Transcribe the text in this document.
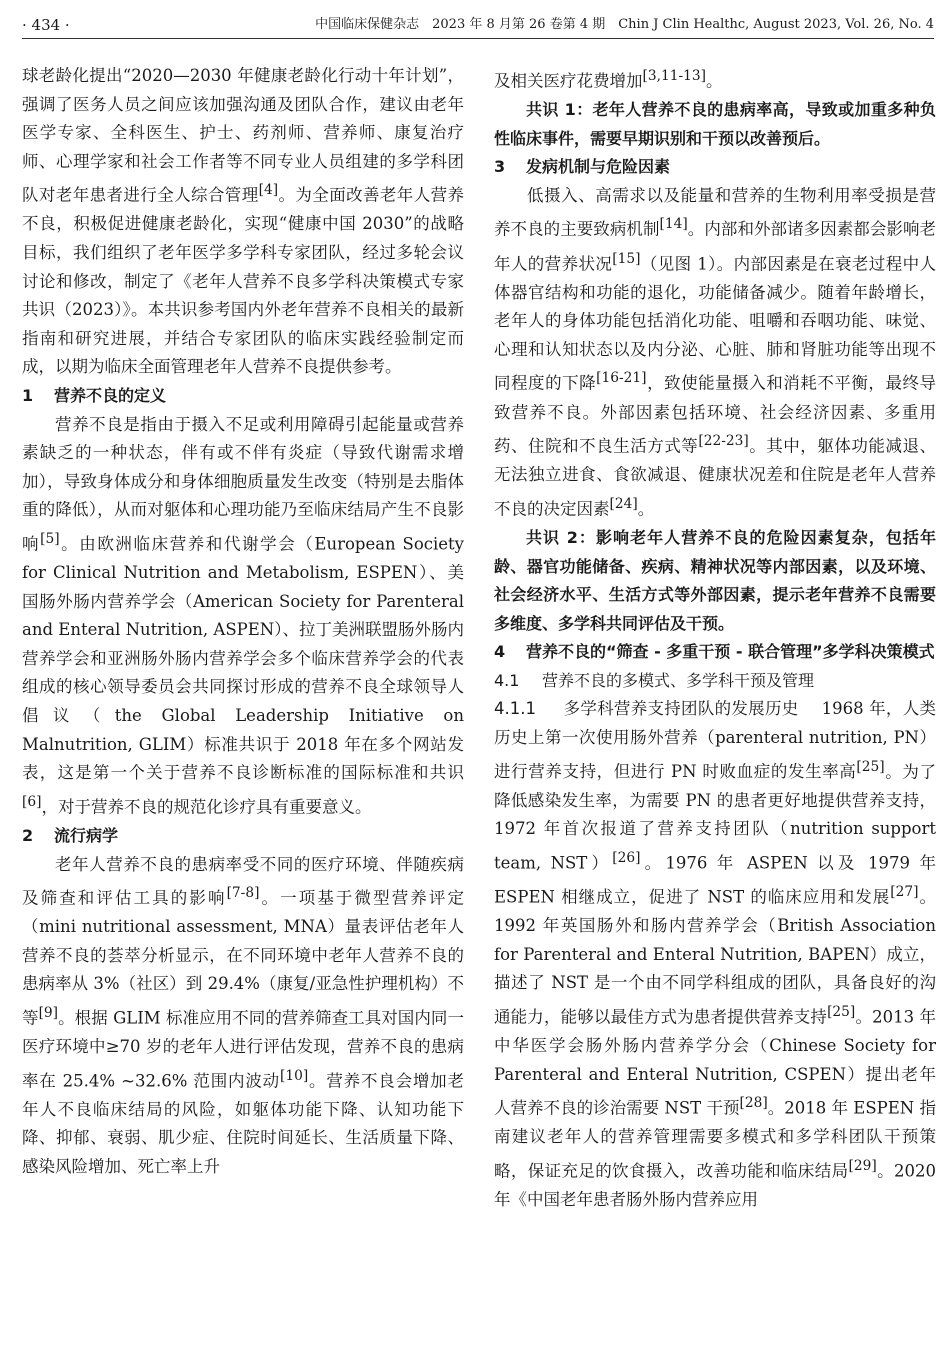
· 434 ·	中国临床保健杂志　2023 年 8 月第 26 卷第 4 期　Chin J Clin Healthc, August 2023, Vol. 26, No. 4

球老龄化提出“2020—2030 年健康老龄化行动十年计划”，强调了医务人员之间应该加强沟通及团队合作，建议由老年医学专家、全科医生、护士、药剂师、营养师、康复治疗师、心理学家和社会工作者等不同专业人员组建的多学科团队对老年患者进行全人综合管理[4]。为全面改善老年人营养不良，积极促进健康老龄化，实现“健康中国 2030”的战略目标，我们组织了老年医学多学科专家团队，经过多轮会议讨论和修改，制定了《老年人营养不良多学科决策模式专家共识（2023）》。本共识参考国内外老年营养不良相关的最新指南和研究进展，并结合专家团队的临床实践经验制定而成，以期为临床全面管理老年人营养不良提供参考。

1 营养不良的定义

营养不良是指由于摄入不足或利用障碍引起能量或营养素缺乏的一种状态，伴有或不伴有炎症（导致代谢需求增加），导致身体成分和身体细胞质量发生改变（特别是去脂体重的降低），从而对躯体和心理功能乃至临床结局产生不良影响[5]。由欧洲临床营养和代谢学会（European Society for Clinical Nutrition and Metabolism, ESPEN）、美国肠外肠内营养学会（American Society for Parenteral and Enteral Nutrition, ASPEN）、拉丁美洲联盟肠外肠内营养学会和亚洲肠外肠内营养学会多个临床营养学会的代表组成的核心领导委员会共同探讨形成的营养不良全球领导人倡议（the Global Leadership Initiative on Malnutrition, GLIM）标准共识于 2018 年在多个网站发表，这是第一个关于营养不良诊断标准的国际标准和共识[6]，对于营养不良的规范化诊疗具有重要意义。

2 流行病学

老年人营养不良的患病率受不同的医疗环境、伴随疾病及筛查和评估工具的影响[7-8]。一项基于微型营养评定（mini nutritional assessment, MNA）量表评估老年人营养不良的荟萃分析显示，在不同环境中老年人营养不良的患病率从 3%（社区）到 29.4%（康复/亚急性护理机构）不等[9]。根据 GLIM 标准应用不同的营养筛查工具对国内同一医疗环境中≥70 岁的老年人进行评估发现，营养不良的患病率在 25.4% ~32.6% 范围内波动[10]。营养不良会增加老年人不良临床结局的风险，如躯体功能下降、认知功能下降、抑郁、衰弱、肌少症、住院时间延长、生活质量下降、感染风险增加、死亡率上升

及相关医疗花费增加[3,11-13]。

共识 1：老年人营养不良的患病率高，导致或加重多种负性临床事件，需要早期识别和干预以改善预后。

3 发病机制与危险因素

低摄入、高需求以及能量和营养的生物利用率受损是营养不良的主要致病机制[14]。内部和外部诸多因素都会影响老年人的营养状况[15]（见图 1）。内部因素是在衰老过程中人体器官结构和功能的退化，功能储备减少。随着年龄增长，老年人的身体功能包括消化功能、咀嚼和吞咽功能、味觉、心理和认知状态以及内分泌、心脏、肺和肾脏功能等出现不同程度的下降[16-21]，致使能量摄入和消耗不平衡，最终导致营养不良。外部因素包括环境、社会经济因素、多重用药、住院和不良生活方式等[22-23]。其中，躯体功能减退、无法独立进食、食欲减退、健康状况差和住院是老年人营养不良的决定因素[24]。

共识 2：影响老年人营养不良的危险因素复杂，包括年龄、器官功能储备、疾病、精神状况等内部因素，以及环境、社会经济水平、生活方式等外部因素，提示老年营养不良需要多维度、多学科共同评估及干预。

4 营养不良的“筛查 - 多重干预 - 联合管理”多学科决策模式

4.1 营养不良的多模式、多学科干预及管理

4.1.1 多学科营养支持团队的发展历史 1968 年，人类历史上第一次使用肠外营养（parenteral nutrition, PN）进行营养支持，但进行 PN 时败血症的发生率高[25]。为了降低感染发生率，为需要 PN 的患者更好地提供营养支持，1972 年首次报道了营养支持团队（nutrition support team, NST）[26]。1976 年 ASPEN 以及 1979 年 ESPEN 相继成立，促进了 NST 的临床应用和发展[27]。1992 年英国肠外和肠内营养学会（British Association for Parenteral and Enteral Nutrition, BAPEN）成立，描述了 NST 是一个由不同学科组成的团队，具备良好的沟通能力，能够以最佳方式为患者提供营养支持[25]。2013 年中华医学会肠外肠内营养学分会（Chinese Society for Parenteral and Enteral Nutrition, CSPEN）提出老年人营养不良的诊治需要 NST 干预[28]。2018 年 ESPEN 指南建议老年人的营养管理需要多模式和多学科团队干预策略，保证充足的饮食摄入，改善功能和临床结局[29]。2020 年《中国老年患者肠外肠内营养应用
